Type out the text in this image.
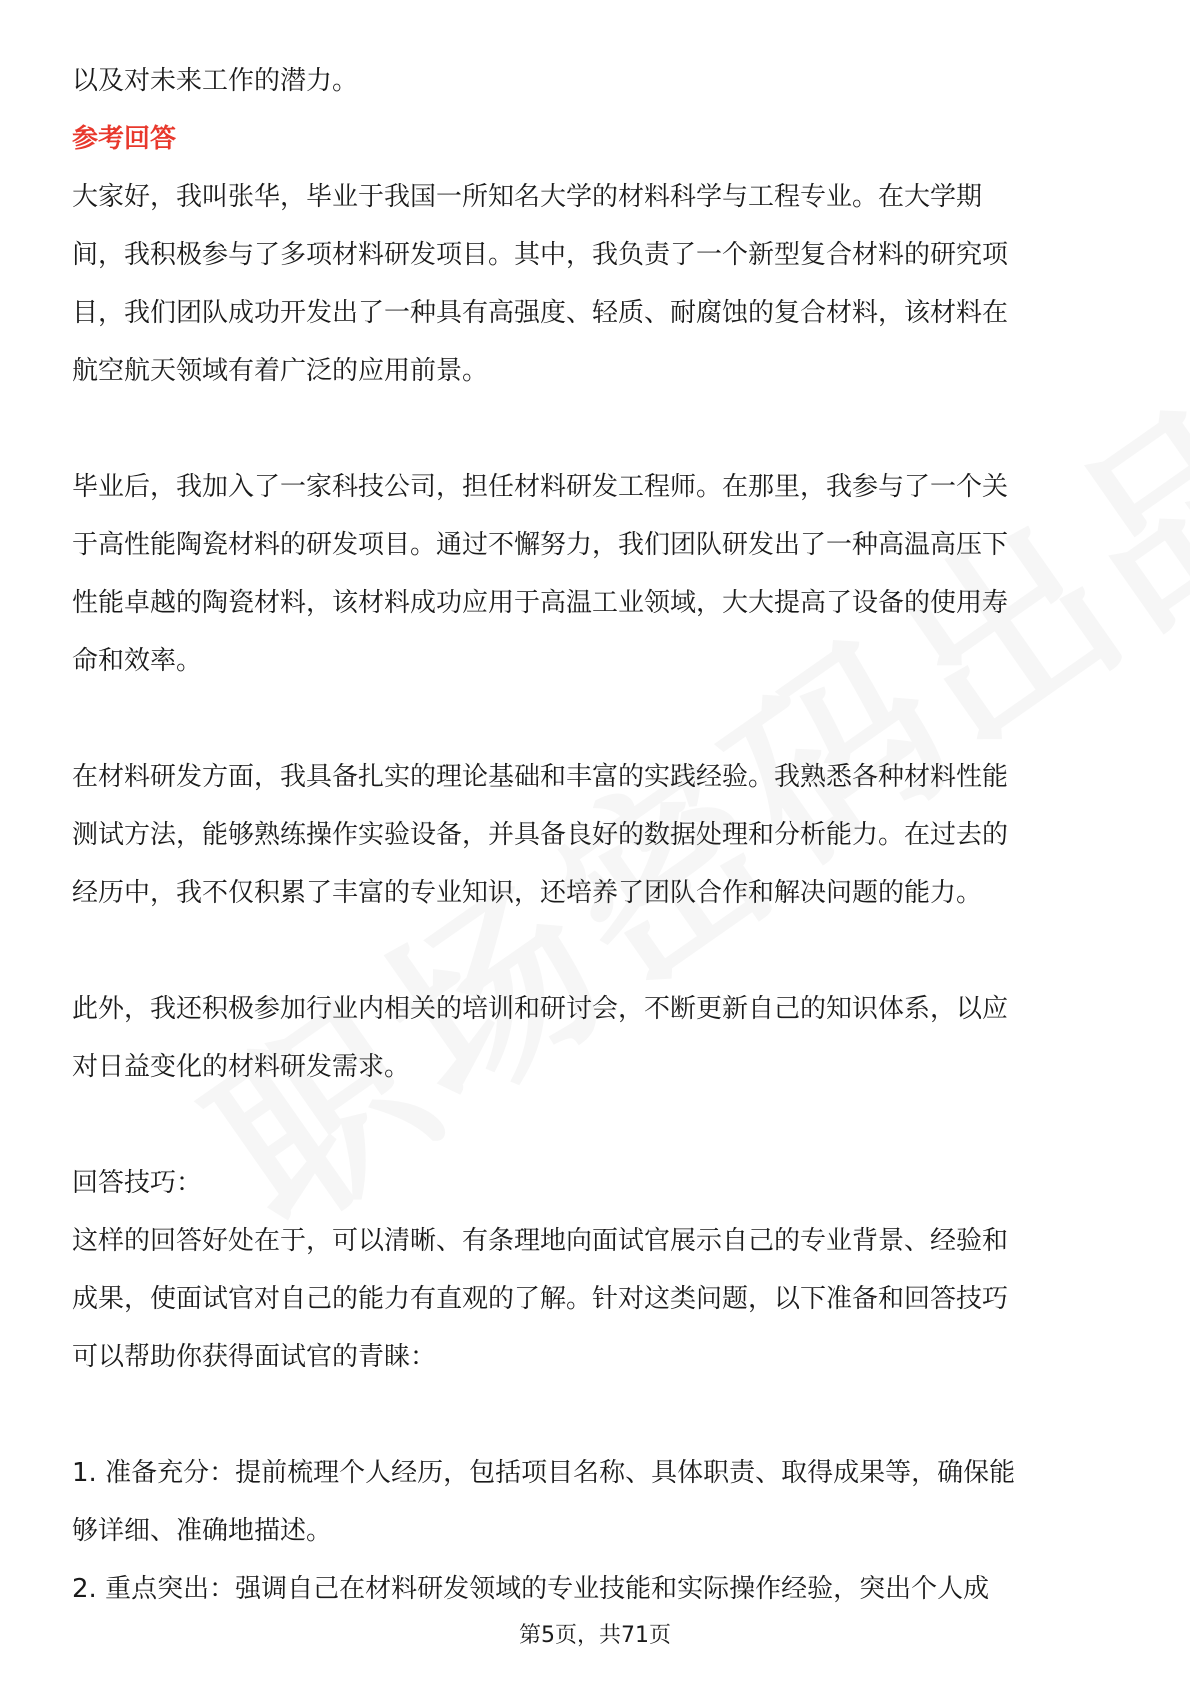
以及对未来工作的潜力。

参考回答

大家好，我叫张华，毕业于我国一所知名大学的材料科学与工程专业。在大学期

间，我积极参与了多项材料研发项目。其中，我负责了一个新型复合材料的研究项

目，我们团队成功开发出了一种具有高强度、轻质、耐腐蚀的复合材料，该材料在

航空航天领域有着广泛的应用前景。

毕业后，我加入了一家科技公司，担任材料研发工程师。在那里，我参与了一个关

于高性能陶瓷材料的研发项目。通过不懈努力，我们团队研发出了一种高温高压下

性能卓越的陶瓷材料，该材料成功应用于高温工业领域，大大提高了设备的使用寿

命和效率。

在材料研发方面，我具备扎实的理论基础和丰富的实践经验。我熟悉各种材料性能

测试方法，能够熟练操作实验设备，并具备良好的数据处理和分析能力。在过去的

经历中，我不仅积累了丰富的专业知识，还培养了团队合作和解决问题的能力。

此外，我还积极参加行业内相关的培训和研讨会，不断更新自己的知识体系，以应

对日益变化的材料研发需求。

回答技巧：

这样的回答好处在于，可以清晰、有条理地向面试官展示自己的专业背景、经验和

成果，使面试官对自己的能力有直观的了解。针对这类问题，以下准备和回答技巧

可以帮助你获得面试官的青睐：

1. 准备充分：提前梳理个人经历，包括项目名称、具体职责、取得成果等，确保能

够详细、准确地描述。

2. 重点突出：强调自己在材料研发领域的专业技能和实际操作经验，突出个人成

第5页，共71页
